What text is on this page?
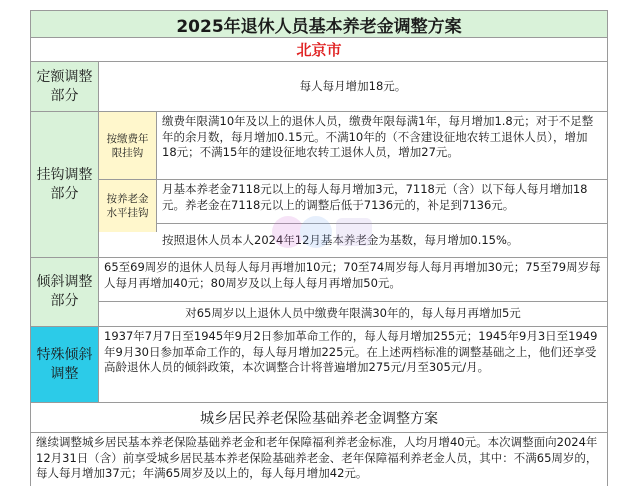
2025年退休人员基本养老金调整方案
北京市
定额调整部分
每人每月增加18元。
挂钩调整部分
按缴费年限挂钩
缴费年限满10年及以上的退休人员，缴费年限每满1年，每月增加1.8元；对于不足整年的余月数，每月增加0.15元。不满10年的（不含建设征地农转工退休人员），增加18元；不满15年的建设征地农转工退休人员，增加27元。
按养老金水平挂钩
月基本养老金7118元以上的每人每月增加3元，7118元（含）以下每人每月增加18元。养老金在7118元以上的调整后低于7136元的，补足到7136元。
按照退休人员本人2024年12月基本养老金为基数，每月增加0.15%。
倾斜调整部分
65至69周岁的退休人员每人每月再增加10元；70至74周岁每人每月再增加30元；75至79周岁每人每月再增加40元；80周岁及以上每人每月再增加50元。
对65周岁以上退休人员中缴费年限满30年的，每人每月再增加5元
特殊倾斜调整
1937年7月7日至1945年9月2日参加革命工作的，每人每月增加255元；1945年9月3日至1949年9月30日参加革命工作的，每人每月增加225元。在上述两档标准的调整基础之上，他们还享受高龄退休人员的倾斜政策，本次调整合计将普遍增加275元/月至305元/月。
城乡居民养老保险基础养老金调整方案
继续调整城乡居民基本养老保险基础养老金和老年保障福利养老金标准，人均月增40元。本次调整面向2024年12月31日（含）前享受城乡居民基本养老保险基础养老金、老年保障福利养老金人员，其中：不满65周岁的，每人每月增加37元；年满65周岁及以上的，每人每月增加42元。
